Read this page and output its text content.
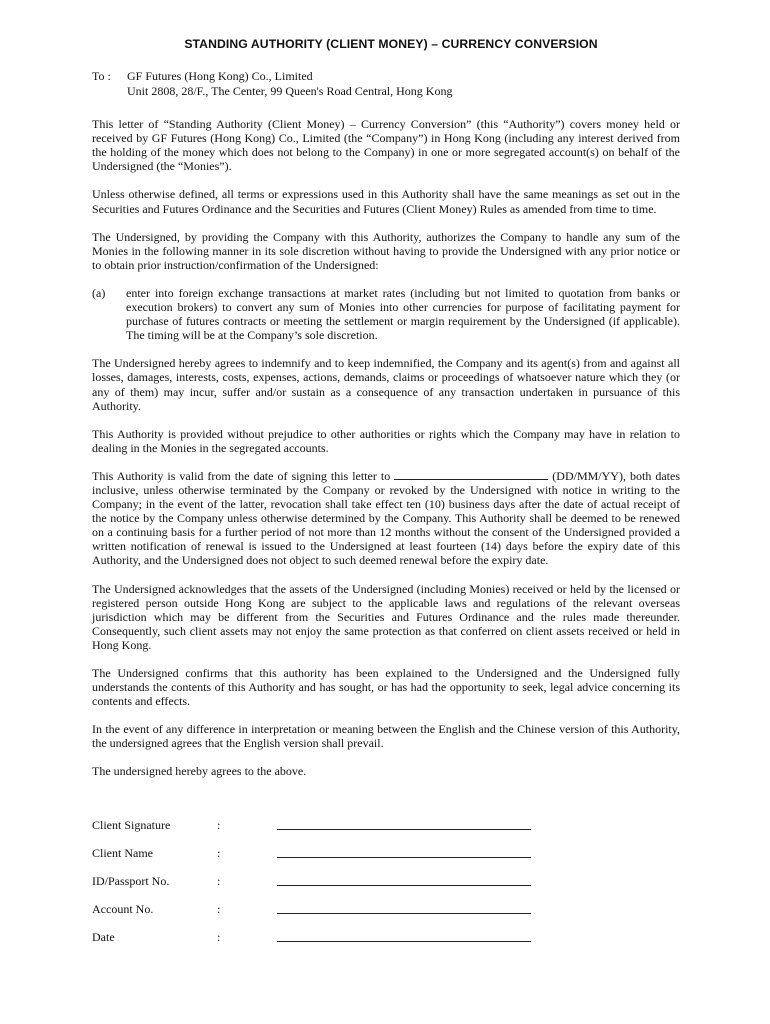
STANDING AUTHORITY (CLIENT MONEY) – CURRENCY CONVERSION
To :	GF Futures (Hong Kong) Co., Limited
Unit 2808, 28/F., The Center, 99 Queen's Road Central, Hong Kong

This letter of “Standing Authority (Client Money) – Currency Conversion” (this “Authority”) covers money held or received by GF Futures (Hong Kong) Co., Limited (the “Company”) in Hong Kong (including any interest derived from the holding of the money which does not belong to the Company) in one or more segregated account(s) on behalf of the Undersigned (the “Monies”).

Unless otherwise defined, all terms or expressions used in this Authority shall have the same meanings as set out in the Securities and Futures Ordinance and the Securities and Futures (Client Money) Rules as amended from time to time.

The Undersigned, by providing the Company with this Authority, authorizes the Company to handle any sum of the Monies in the following manner in its sole discretion without having to provide the Undersigned with any prior notice or to obtain prior instruction/confirmation of the Undersigned:

(a)	enter into foreign exchange transactions at market rates (including but not limited to quotation from banks or execution brokers) to convert any sum of Monies into other currencies for purpose of facilitating payment for purchase of futures contracts or meeting the settlement or margin requirement by the Undersigned (if applicable). The timing will be at the Company’s sole discretion.

The Undersigned hereby agrees to indemnify and to keep indemnified, the Company and its agent(s) from and against all losses, damages, interests, costs, expenses, actions, demands, claims or proceedings of whatsoever nature which they (or any of them) may incur, suffer and/or sustain as a consequence of any transaction undertaken in pursuance of this Authority.

This Authority is provided without prejudice to other authorities or rights which the Company may have in relation to dealing in the Monies in the segregated accounts.

This Authority is valid from the date of signing this letter to	(DD/MM/YY), both dates inclusive, unless otherwise terminated by the Company or revoked by the Undersigned with notice in writing to the Company; in the event of the latter, revocation shall take effect ten (10) business days after the date of actual receipt of the notice by the Company unless otherwise determined by the Company. This Authority shall be deemed to be renewed on a continuing basis for a further period of not more than 12 months without the consent of the Undersigned provided a written notification of renewal is issued to the Undersigned at least fourteen (14) days before the expiry date of this Authority, and the Undersigned does not object to such deemed renewal before the expiry date.

The Undersigned acknowledges that the assets of the Undersigned (including Monies) received or held by the licensed or registered person outside Hong Kong are subject to the applicable laws and regulations of the relevant overseas jurisdiction which may be different from the Securities and Futures Ordinance and the rules made thereunder. Consequently, such client assets may not enjoy the same protection as that conferred on client assets received or held in Hong Kong.

The Undersigned confirms that this authority has been explained to the Undersigned and the Undersigned fully understands the contents of this Authority and has sought, or has had the opportunity to seek, legal advice concerning its contents and effects.

In the event of any difference in interpretation or meaning between the English and the Chinese version of this Authority, the undersigned agrees that the English version shall prevail.

The undersigned hereby agrees to the above.

Client Signature	:
Client Name	:
ID/Passport No.	:
Account No.	:
Date	:
